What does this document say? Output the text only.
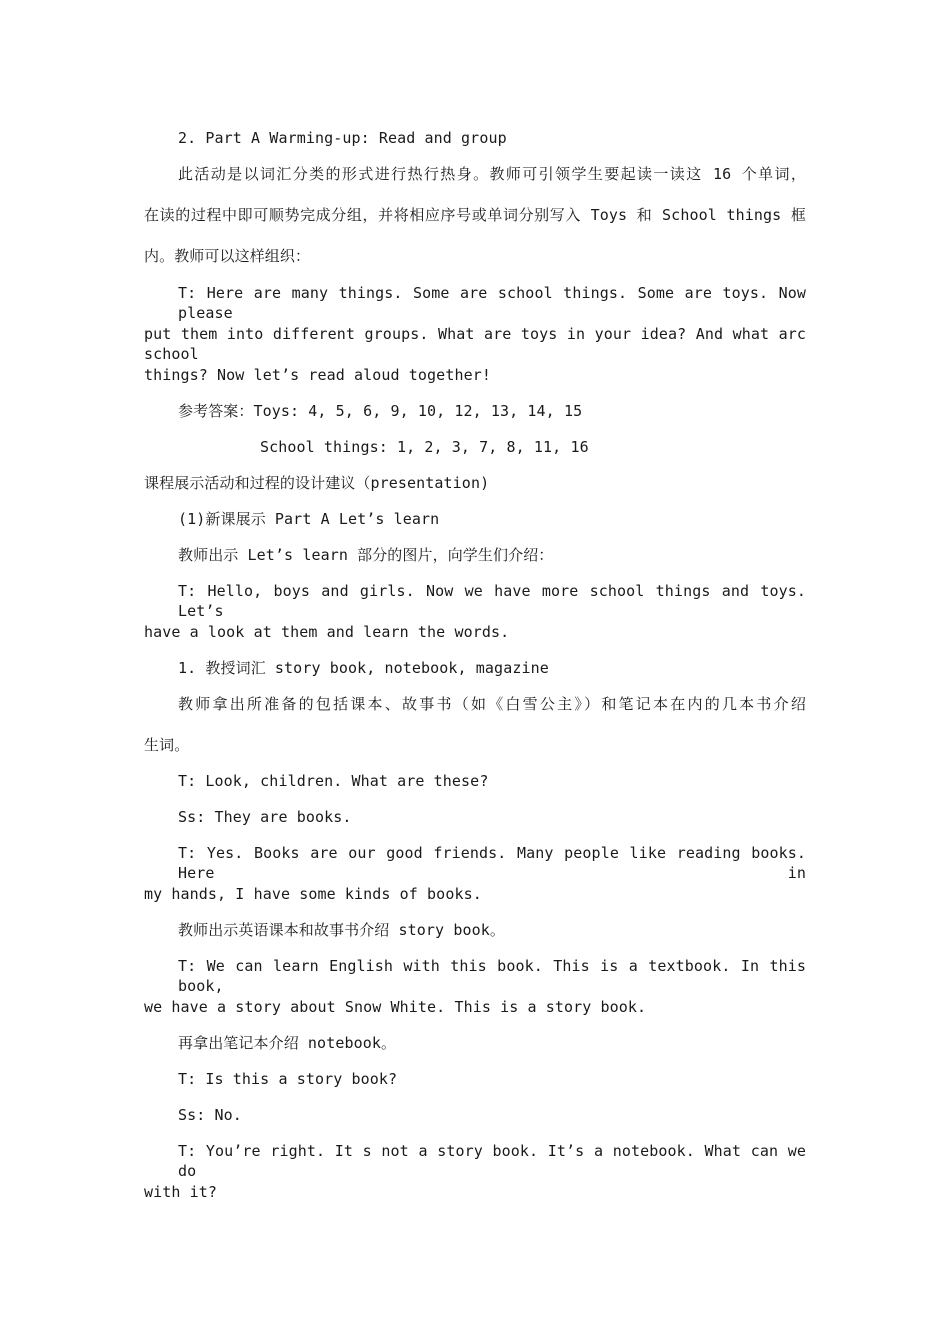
2. Part A Warming-up: Read and group
此活动是以词汇分类的形式进行热行热身。教师可引领学生要起读一读这 16 个单词，
在读的过程中即可顺势完成分组，并将相应序号或单词分别写入 Toys 和 School things 框
内。教师可以这样组织：
T: Here are many things. Some are school things. Some are toys. Now please
put them into different groups. What are toys in your idea? And what arc school
things? Now let’s read aloud together!
参考答案：Toys: 4, 5, 6, 9, 10, 12, 13, 14, 15
School things: 1, 2, 3, 7, 8, 11, 16
课程展示活动和过程的设计建议（presentation)
(1)新课展示 Part A Let’s learn
教师出示 Let’s learn 部分的图片，向学生们介绍：
T: Hello, boys and girls. Now we have more school things and toys. Let’s
have a look at them and learn the words.
1. 教授词汇 story book, notebook, magazine
教师拿出所准备的包括课本、故事书（如《白雪公主》）和笔记本在内的几本书介绍
生词。
T: Look, children. What are these?
Ss: They are books.
T: Yes. Books are our good friends. Many people like reading books. Here in
my hands, I have some kinds of books.
教师出示英语课本和故事书介绍 story book。
T: We can learn English with this book. This is a textbook. In this book,
we have a story about Snow White. This is a story book.
再拿出笔记本介绍 notebook。
T: Is this a story book?
Ss: No.
T: You’re right. It s not a story book. It’s a notebook. What can we do
with it?
